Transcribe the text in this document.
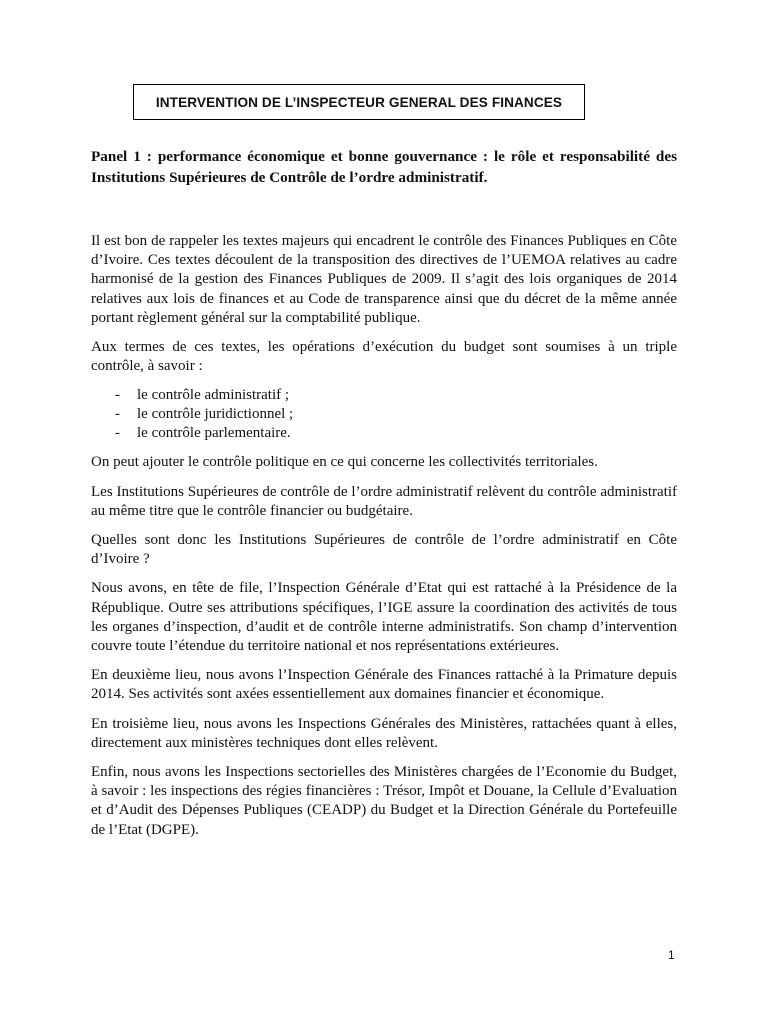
INTERVENTION DE L’INSPECTEUR GENERAL DES FINANCES

Panel 1 : performance économique et bonne gouvernance : le rôle et responsabilité des Institutions Supérieures de Contrôle de l’ordre administratif.

Il est bon de rappeler les textes majeurs qui encadrent le contrôle des Finances Publiques en Côte d’Ivoire. Ces textes découlent de la transposition des directives de l’UEMOA relatives au cadre harmonisé de la gestion des Finances Publiques de 2009. Il s’agit des lois organiques de 2014 relatives aux lois de finances et au Code de transparence ainsi que du décret de la même année portant règlement général sur la comptabilité publique.

Aux termes de ces textes, les opérations d’exécution du budget sont soumises à un triple contrôle, à savoir :

- le contrôle administratif ;
- le contrôle juridictionnel ;
- le contrôle parlementaire.

On peut ajouter le contrôle politique en ce qui concerne les collectivités territoriales.

Les Institutions Supérieures de contrôle de l’ordre administratif relèvent du contrôle administratif au même titre que le contrôle financier ou budgétaire.

Quelles sont donc les Institutions Supérieures de contrôle de l’ordre administratif en Côte d’Ivoire ?

Nous avons, en tête de file, l’Inspection Générale d’Etat qui est rattaché à la Présidence de la République. Outre ses attributions spécifiques, l’IGE assure la coordination des activités de tous les organes d’inspection, d’audit et de contrôle interne administratifs. Son champ d’intervention couvre toute l’étendue du territoire national et nos représentations extérieures.

En deuxième lieu, nous avons l’Inspection Générale des Finances rattaché à la Primature depuis 2014. Ses activités sont axées essentiellement aux domaines financier et économique.

En troisième lieu, nous avons les Inspections Générales des Ministères, rattachées quant à elles, directement aux ministères techniques dont elles relèvent.

Enfin, nous avons les Inspections sectorielles des Ministères chargées de l’Economie du Budget, à savoir : les inspections des régies financières : Trésor, Impôt et Douane, la Cellule d’Evaluation et d’Audit des Dépenses Publiques (CEADP) du Budget et la Direction Générale du Portefeuille de l’Etat (DGPE).

1
